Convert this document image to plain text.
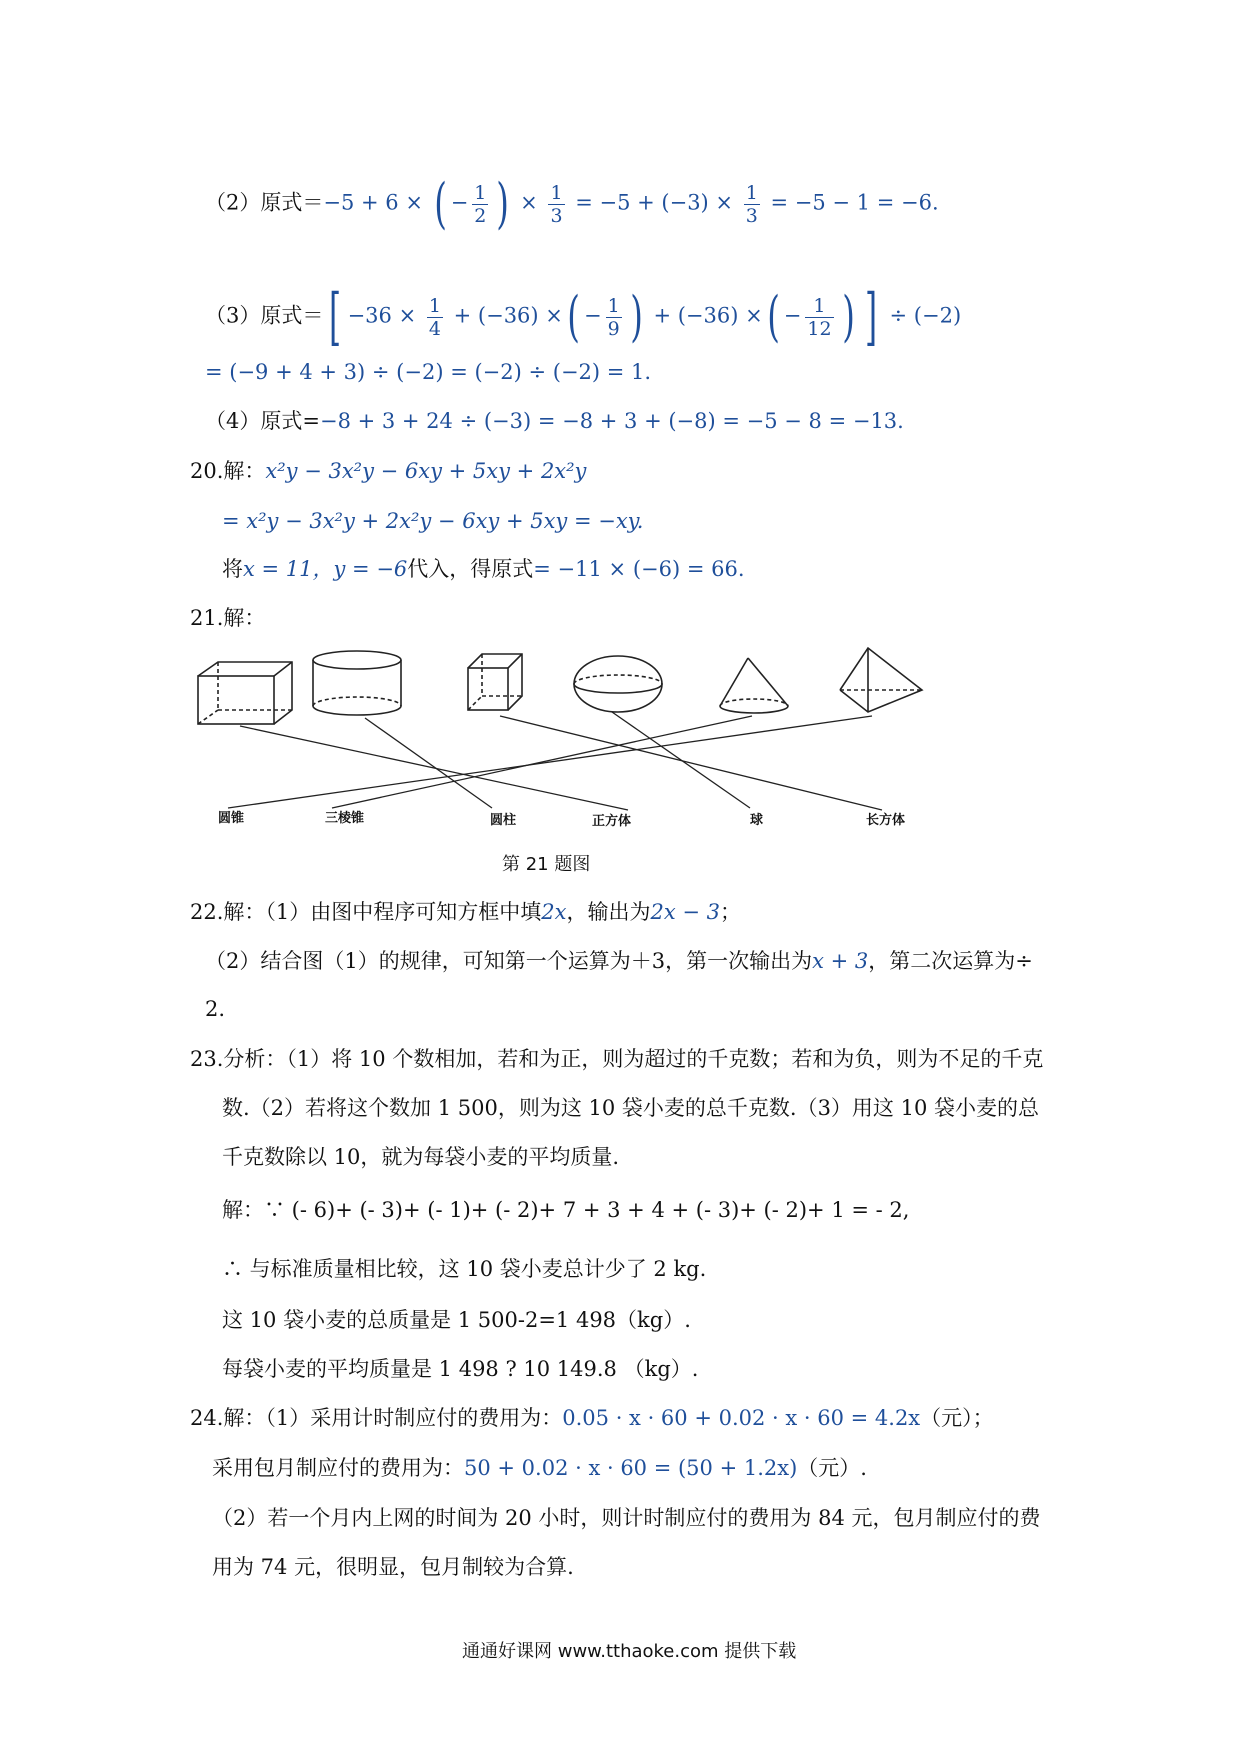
（2）原式＝−5 + 6 × ( − $\frac{1}{2}$ ) × $\frac{1}{3} = -5 + (-3) \times \frac{1}{3} = -5 - 1 = -6$.
（3）原式＝[ $-36 \times \frac{1}{4} + (-36)$ ×( − $\frac{1}{9}$ ) + (−36) ×( − $\frac{1}{12}$ ) ] ÷ (−2)
= (−9 + 4 + 3) ÷ (−2) = (−2) ÷ (−2) = 1.
（4）原式=−8 + 3 + 24 ÷ (−3) = −8 + 3 + (−8) = −5 − 8 = −13.
20.解：x²y − 3x²y − 6xy + 5xy + 2x²y
= x²y − 3x²y + 2x²y − 6xy + 5xy = −xy.
将x = 11，y = −6代入，得原式= −11 × (−6) = 66.
21.解：
圆锥	三棱锥	圆柱	正方体	球	长方体
第 21 题图
22.解：（1）由图中程序可知方框中填2x，输出为2x − 3；
（2）结合图（1）的规律，可知第一个运算为＋3，第一次输出为x + 3，第二次运算为÷
2.
23.分析：（1）将 10 个数相加，若和为正，则为超过的千克数；若和为负，则为不足的千克
数.（2）若将这个数加 1 500，则为这 10 袋小麦的总千克数.（3）用这 10 袋小麦的总
千克数除以 10，就为每袋小麦的平均质量.
解：∵ (- 6)+ (- 3)+ (- 1)+ (- 2)+ 7 + 3 + 4 + (- 3)+ (- 2)+ 1 = - 2,
∴ 与标准质量相比较，这 10 袋小麦总计少了 2 kg.
这 10 袋小麦的总质量是 1 500-2=1 498（kg）.
每袋小麦的平均质量是 1 498 ? 10 149.8 （kg）.
24.解：（1）采用计时制应付的费用为：0.05 · x · 60 + 0.02 · x · 60 = 4.2x（元）；
采用包月制应付的费用为：50 + 0.02 · x · 60 = (50 + 1.2x)（元）.
（2）若一个月内上网的时间为 20 小时，则计时制应付的费用为 84 元，包月制应付的费
用为 74 元，很明显，包月制较为合算.
通通好课网 www.tthaoke.com 提供下载
